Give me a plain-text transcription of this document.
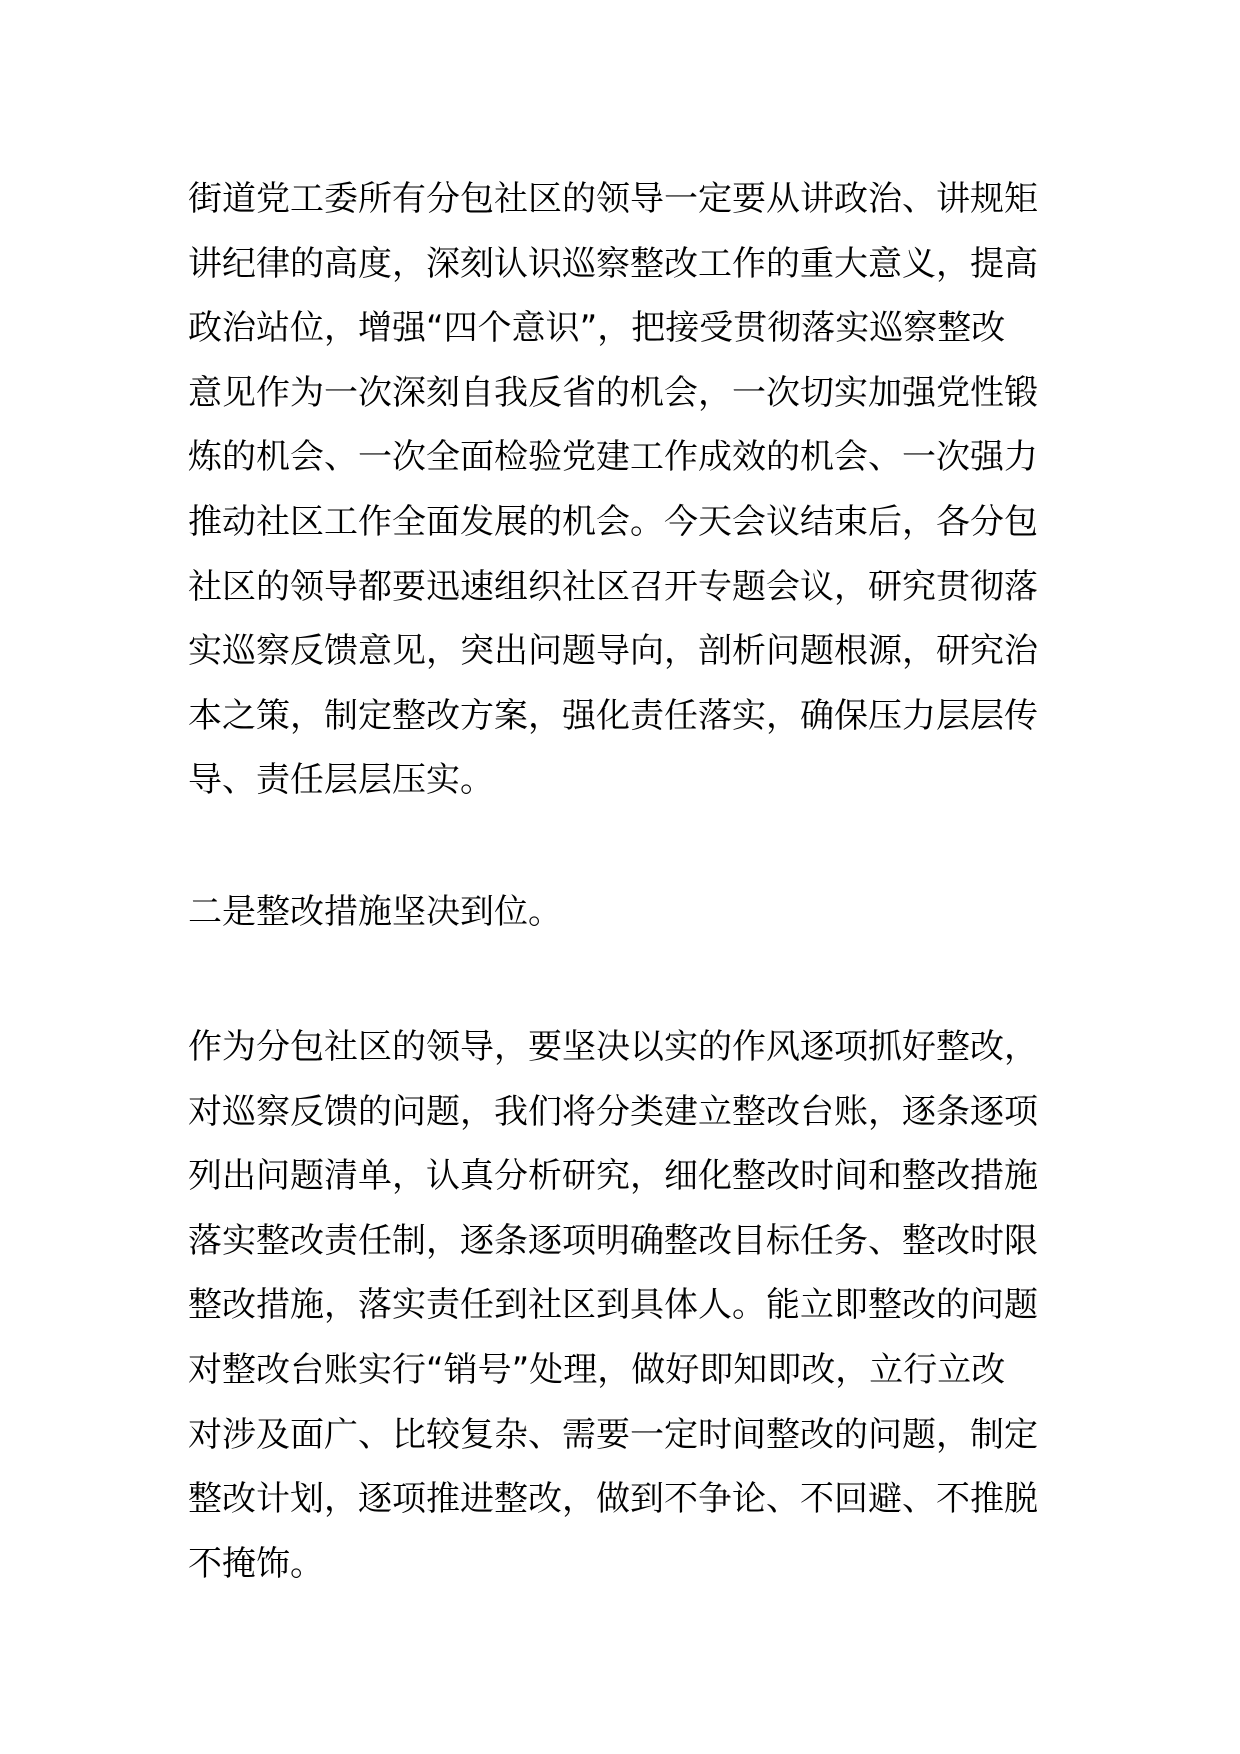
街道党工委所有分包社区的领导一定要从讲政治、讲规矩
讲纪律的高度，深刻认识巡察整改工作的重大意义，提高
政治站位，增强“四个意识”，把接受贯彻落实巡察整改
意见作为一次深刻自我反省的机会，一次切实加强党性锻
炼的机会、一次全面检验党建工作成效的机会、一次强力
推动社区工作全面发展的机会。今天会议结束后，各分包
社区的领导都要迅速组织社区召开专题会议，研究贯彻落
实巡察反馈意见，突出问题导向，剖析问题根源，研究治
本之策，制定整改方案，强化责任落实，确保压力层层传
导、责任层层压实。

二是整改措施坚决到位。

作为分包社区的领导，要坚决以实的作风逐项抓好整改，
对巡察反馈的问题，我们将分类建立整改台账，逐条逐项
列出问题清单，认真分析研究，细化整改时间和整改措施
落实整改责任制，逐条逐项明确整改目标任务、整改时限
整改措施，落实责任到社区到具体人。能立即整改的问题
对整改台账实行“销号”处理，做好即知即改，立行立改
对涉及面广、比较复杂、需要一定时间整改的问题，制定
整改计划，逐项推进整改，做到不争论、不回避、不推脱
不掩饰。
